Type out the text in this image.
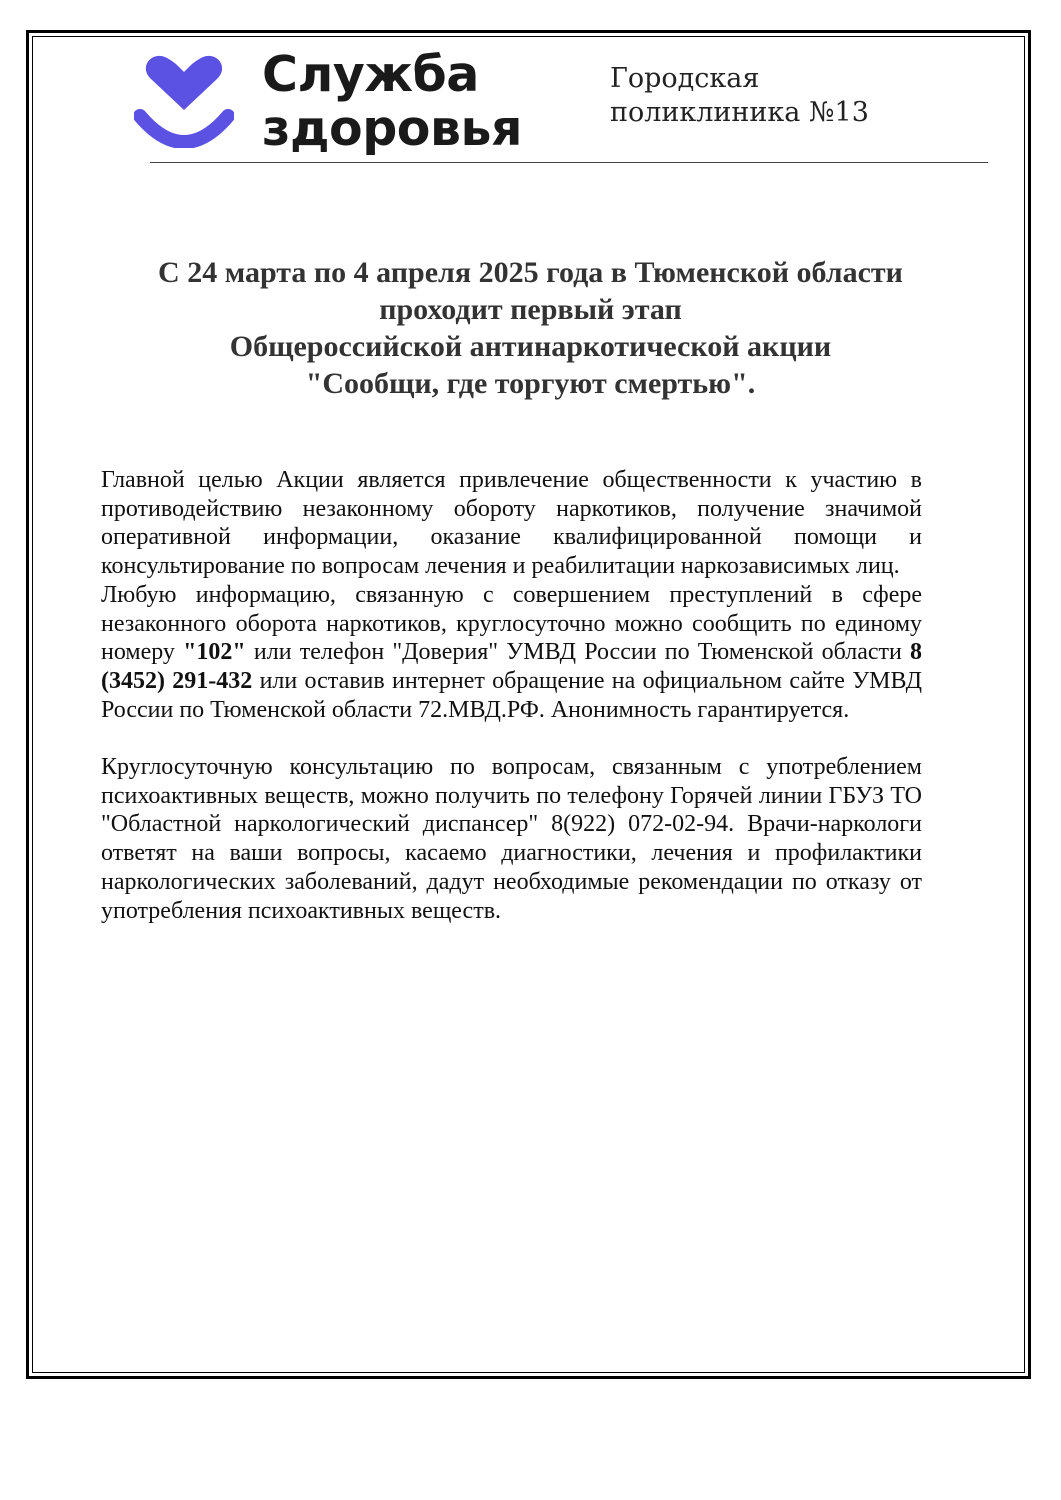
Служба
здоровья
Городская
поликлиника №13
С 24 марта по 4 апреля 2025 года в Тюменской области
проходит первый этап
Общероссийской антинаркотической акции
"Сообщи, где торгуют смертью".

Главной целью Акции является привлечение общественности к участию в противодействию незаконному обороту наркотиков, получение значимой оперативной информации, оказание квалифицированной помощи и консультирование по вопросам лечения и реабилитации наркозависимых лиц.

Любую информацию, связанную с совершением преступлений в сфере незаконного оборота наркотиков, круглосуточно можно сообщить по единому номеру "102" или телефон "Доверия" УМВД России по Тюменской области 8 (3452) 291-432 или оставив интернет обращение на официальном сайте УМВД России по Тюменской области 72.МВД.РФ. Анонимность гарантируется.

Круглосуточную консультацию по вопросам, связанным с употреблением психоактивных веществ, можно получить по телефону Горячей линии ГБУЗ ТО "Областной наркологический диспансер" 8(922) 072-02-94. Врачи-наркологи ответят на ваши вопросы, касаемо диагностики, лечения и профилактики наркологических заболеваний, дадут необходимые рекомендации по отказу от употребления психоактивных веществ.
